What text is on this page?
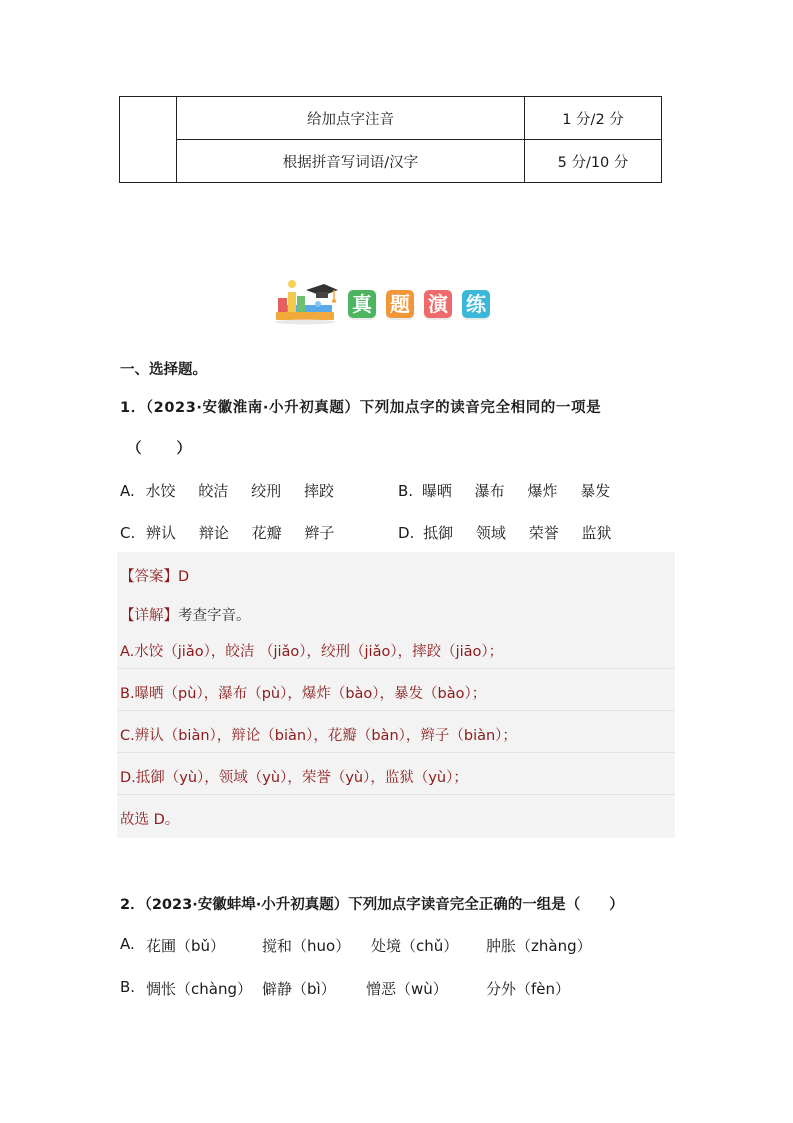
	给加点字注音	1 分/2 分
	根据拼音写词语/汉字	5 分/10 分
真 题 演 练
一、选择题。
1．（2023·安徽淮南·小升初真题）下列加点字的读音完全相同的一项是
（　　）
A. 水饺 皎洁 绞刑 摔跤	B. 曝晒 瀑布 爆炸 暴发
C. 辨认 辩论 花瓣 辫子	D. 抵御 领域 荣誉 监狱
【答案】D
【详解】考查字音。
A.水饺（jiǎo），皎洁 （jiǎo），绞刑（jiǎo），摔跤（jiāo）；
B.曝晒（pù），瀑布（pù），爆炸（bào），暴发（bào）；
C.辨认（biàn），辩论（biàn），花瓣（bàn），辫子（biàn）；
D.抵御（yù），领域（yù），荣誉（yù），监狱（yù）；
故选 D。
2．（2023·安徽蚌埠·小升初真题）下列加点字读音完全正确的一组是（　　）
A. 花圃（bǔ） 搅和（huo） 处境（chǔ） 肿胀（zhàng）
B. 惆怅（chàng） 僻静（bì） 憎恶（wù）	分外（fèn）
